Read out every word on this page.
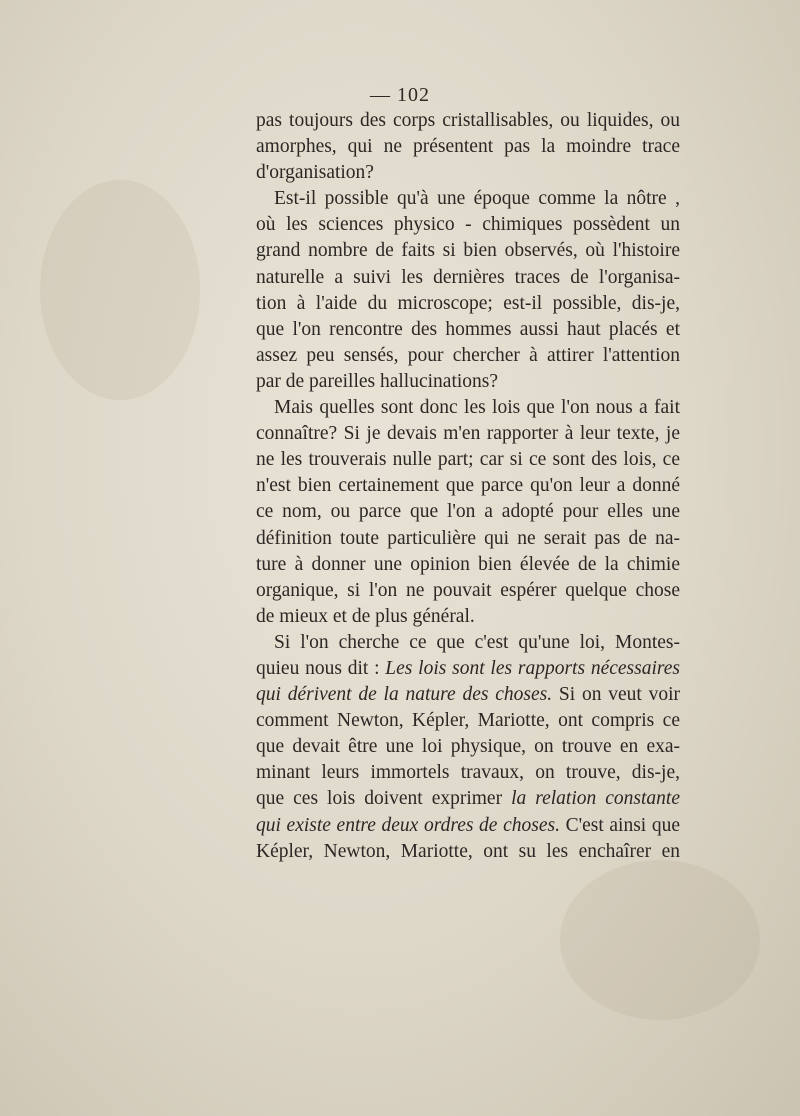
— 102
pas toujours des corps cristallisables, ou liquides, ou
amorphes, qui ne présentent pas la moindre trace
d'organisation?
Est-il possible qu'à une époque comme la nôtre ,
où les sciences physico - chimiques possèdent un
grand nombre de faits si bien observés, où l'histoire
naturelle a suivi les dernières traces de l'organisa-
tion à l'aide du microscope; est-il possible, dis-je,
que l'on rencontre des hommes aussi haut placés et
assez peu sensés, pour chercher à attirer l'attention
par de pareilles hallucinations?
Mais quelles sont donc les lois que l'on nous a fait
connaître? Si je devais m'en rapporter à leur texte, je
ne les trouverais nulle part; car si ce sont des lois, ce
n'est bien certainement que parce qu'on leur a donné
ce nom, ou parce que l'on a adopté pour elles une
définition toute particulière qui ne serait pas de na-
ture à donner une opinion bien élevée de la chimie
organique, si l'on ne pouvait espérer quelque chose
de mieux et de plus général.
Si l'on cherche ce que c'est qu'une loi, Montes-
quieu nous dit : Les lois sont les rapports nécessaires
qui dérivent de la nature des choses. Si on veut voir
comment Newton, Képler, Mariotte, ont compris ce
que devait être une loi physique, on trouve en exa-
minant leurs immortels travaux, on trouve, dis-je,
que ces lois doivent exprimer la relation constante
qui existe entre deux ordres de choses. C'est ainsi que
Képler, Newton, Mariotte, ont su les enchaîrer en
